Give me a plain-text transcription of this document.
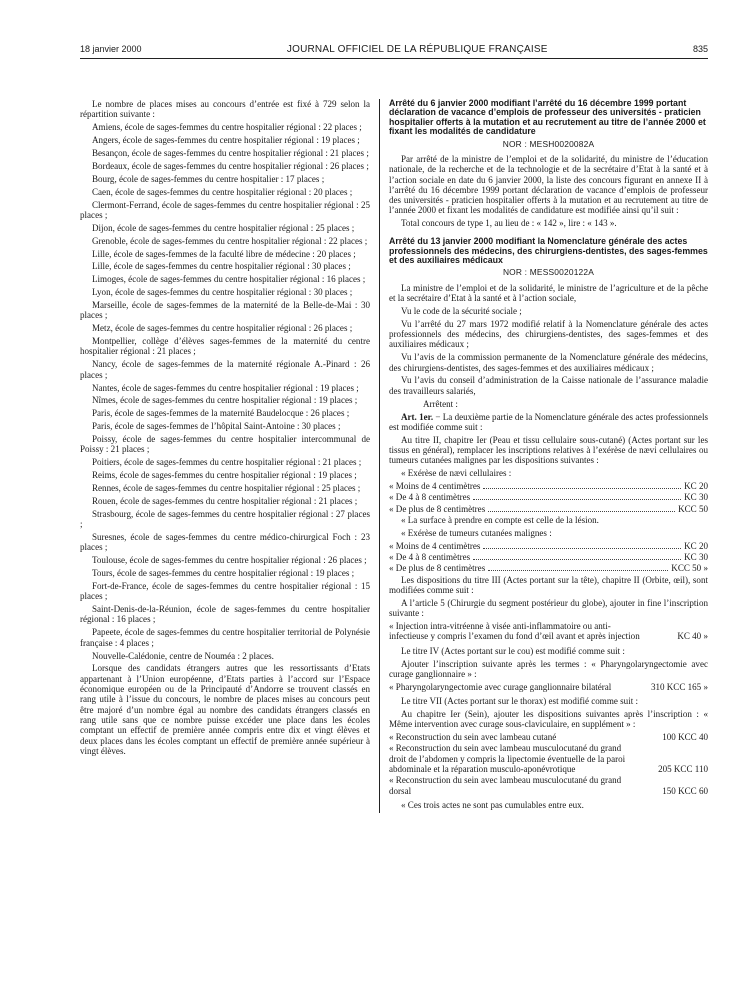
18 janvier 2000	JOURNAL OFFICIEL DE LA RÉPUBLIQUE FRANÇAISE	835

Le nombre de places mises au concours d’entrée est fixé à 729 selon la répartition suivante :

Amiens, école de sages-femmes du centre hospitalier régional : 22 places ;

Angers, école de sages-femmes du centre hospitalier régional : 19 places ;

Besançon, école de sages-femmes du centre hospitalier régional : 21 places ;

Bordeaux, école de sages-femmes du centre hospitalier régional : 26 places ;

Bourg, école de sages-femmes du centre hospitalier : 17 places ;

Caen, école de sages-femmes du centre hospitalier régional : 20 places ;

Clermont-Ferrand, école de sages-femmes du centre hospitalier régional : 25 places ;

Dijon, école de sages-femmes du centre hospitalier régional : 25 places ;

Grenoble, école de sages-femmes du centre hospitalier régional : 22 places ;

Lille, école de sages-femmes de la faculté libre de médecine : 20 places ;

Lille, école de sages-femmes du centre hospitalier régional : 30 places ;

Limoges, école de sages-femmes du centre hospitalier régional : 16 places ;

Lyon, école de sages-femmes du centre hospitalier régional : 30 places ;

Marseille, école de sages-femmes de la maternité de la Belle-de-Mai : 30 places ;

Metz, école de sages-femmes du centre hospitalier régional : 26 places ;

Montpellier, collège d’élèves sages-femmes de la maternité du centre hospitalier régional : 21 places ;

Nancy, école de sages-femmes de la maternité régionale A.-Pinard : 26 places ;

Nantes, école de sages-femmes du centre hospitalier régional : 19 places ;

Nîmes, école de sages-femmes du centre hospitalier régional : 19 places ;

Paris, école de sages-femmes de la maternité Baudelocque : 26 places ;

Paris, école de sages-femmes de l’hôpital Saint-Antoine : 30 places ;

Poissy, école de sages-femmes du centre hospitalier intercommunal de Poissy : 21 places ;

Poitiers, école de sages-femmes du centre hospitalier régional : 21 places ;

Reims, école de sages-femmes du centre hospitalier régional : 19 places ;

Rennes, école de sages-femmes du centre hospitalier régional : 25 places ;

Rouen, école de sages-femmes du centre hospitalier régional : 21 places ;

Strasbourg, école de sages-femmes du centre hospitalier régional : 27 places ;

Suresnes, école de sages-femmes du centre médico-chirurgical Foch : 23 places ;

Toulouse, école de sages-femmes du centre hospitalier régional : 26 places ;

Tours, école de sages-femmes du centre hospitalier régional : 19 places ;

Fort-de-France, école de sages-femmes du centre hospitalier régional : 15 places ;

Saint-Denis-de-la-Réunion, école de sages-femmes du centre hospitalier régional : 16 places ;

Papeete, école de sages-femmes du centre hospitalier territorial de Polynésie française : 4 places ;

Nouvelle-Calédonie, centre de Nouméa : 2 places.

Lorsque des candidats étrangers autres que les ressortissants d’Etats appartenant à l’Union européenne, d’Etats parties à l’accord sur l’Espace économique européen ou de la Principauté d’Andorre se trouvent classés en rang utile à l’issue du concours, le nombre de places mises au concours peut être majoré d’un nombre égal au nombre des candidats étrangers classés en rang utile sans que ce nombre puisse excéder une place dans les écoles comptant un effectif de première année compris entre dix et vingt élèves et deux places dans les écoles comptant un effectif de première année supérieur à vingt élèves.

Arrêté du 6 janvier 2000 modifiant l’arrêté du 16 décembre 1999 portant déclaration de vacance d’emplois de professeur des universités - praticien hospitalier offerts à la mutation et au recrutement au titre de l’année 2000 et fixant les modalités de candidature
NOR : MESH0020082A

Par arrêté de la ministre de l’emploi et de la solidarité, du ministre de l’éducation nationale, de la recherche et de la technologie et de la secrétaire d’Etat à la santé et à l’action sociale en date du 6 janvier 2000, la liste des concours figurant en annexe II à l’arrêté du 16 décembre 1999 portant déclaration de vacance d’emplois de professeur des universités - praticien hospitalier offerts à la mutation et au recrutement au titre de l’année 2000 et fixant les modalités de candidature est modifiée ainsi qu’il suit :

Total concours de type 1, au lieu de : « 142 », lire : « 143 ».

Arrêté du 13 janvier 2000 modifiant la Nomenclature générale des actes professionnels des médecins, des chirurgiens-dentistes, des sages-femmes et des auxiliaires médicaux
NOR : MESS0020122A

La ministre de l’emploi et de la solidarité, le ministre de l’agriculture et de la pêche et la secrétaire d’Etat à la santé et à l’action sociale,

Vu le code de la sécurité sociale ;

Vu l’arrêté du 27 mars 1972 modifié relatif à la Nomenclature générale des actes professionnels des médecins, des chirurgiens-dentistes, des sages-femmes et des auxiliaires médicaux ;

Vu l’avis de la commission permanente de la Nomenclature générale des médecins, des chirurgiens-dentistes, des sages-femmes et des auxiliaires médicaux ;

Vu l’avis du conseil d’administration de la Caisse nationale de l’assurance maladie des travailleurs salariés,

Arrêtent :

Art. 1er. − La deuxième partie de la Nomenclature générale des actes professionnels est modifiée comme suit :

Au titre II, chapitre Ier (Peau et tissu cellulaire sous-cutané) (Actes portant sur les tissus en général), remplacer les inscriptions relatives à l’exérèse de nævi cellulaires ou tumeurs cutanées malignes par les dispositions suivantes :

« Exérèse de nævi cellulaires :

« Moins de 4 centimètres	KC 20
« De 4 à 8 centimètres	KC 30
« De plus de 8 centimètres	KCC 50

« La surface à prendre en compte est celle de la lésion.

« Exérèse de tumeurs cutanées malignes :

« Moins de 4 centimètres	KC 20
« De 4 à 8 centimètres	KC 30
« De plus de 8 centimètres	KCC 50 »

Les dispositions du titre III (Actes portant sur la tête), chapitre II (Orbite, œil), sont modifiées comme suit :

A l’article 5 (Chirurgie du segment postérieur du globe), ajouter in fine l’inscription suivante :

« Injection intra-vitréenne à visée anti-inflammatoire ou anti-infectieuse y compris l’examen du fond d’œil avant et après injection	KC 40 »

Le titre IV (Actes portant sur le cou) est modifié comme suit :

Ajouter l’inscription suivante après les termes : « Pharyngolaryngectomie avec curage ganglionnaire » :

« Pharyngolaryngectomie avec curage ganglionnaire bilatéral	310 KCC 165 »

Le titre VII (Actes portant sur le thorax) est modifié comme suit :

Au chapitre Ier (Sein), ajouter les dispositions suivantes après l’inscription : « Même intervention avec curage sous-claviculaire, en supplément » :

« Reconstruction du sein avec lambeau cutané	100 KCC 40
« Reconstruction du sein avec lambeau musculocutané du grand droit de l’abdomen y compris la lipectomie éventuelle de la paroi abdominale et la réparation musculo-aponévrotique	205 KCC 110
« Reconstruction du sein avec lambeau musculocutané du grand dorsal	150 KCC 60

« Ces trois actes ne sont pas cumulables entre eux.
